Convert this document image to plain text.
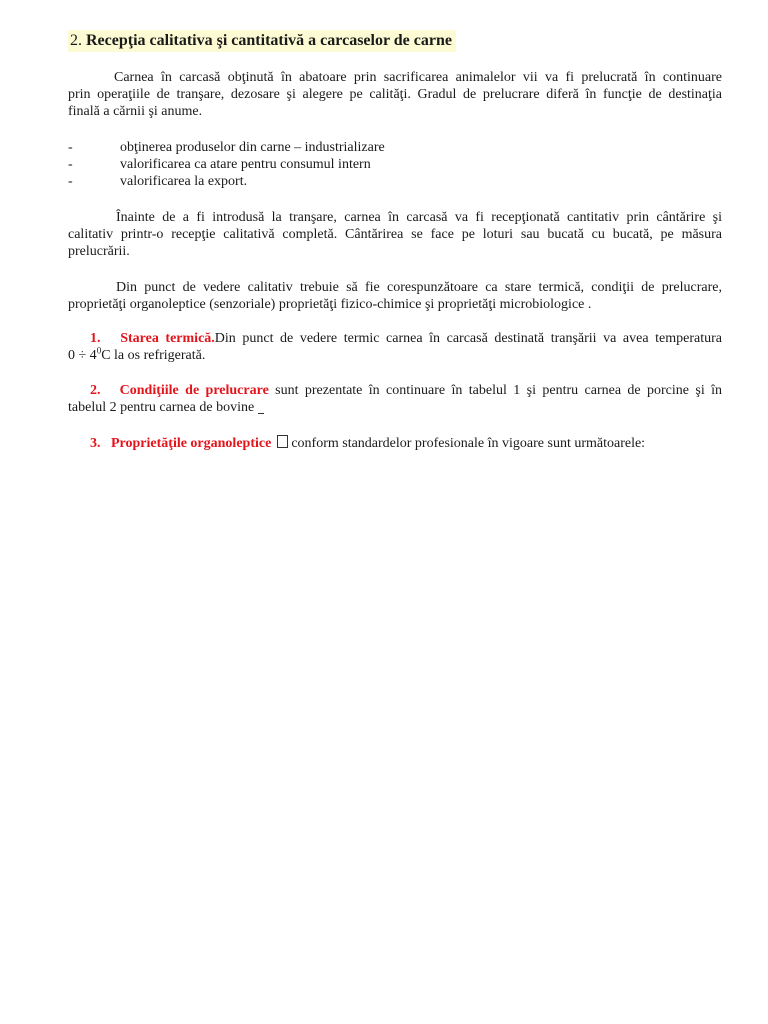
2. Recepţia calitativa şi cantitativă a carcaselor de carne
Carnea în carcasă obţinută în abatoare prin sacrificarea animalelor vii va fi prelucrată în continuare
prin operaţiile de tranşare, dezosare şi alegere pe calităţi. Gradul de prelucrare diferă în funcţie de destinaţia
finală a cărnii şi anume.
-	obţinerea produselor din carne – industrializare
-	valorificarea ca atare pentru consumul intern
-	valorificarea la export.
Înainte de a fi introdusă la tranşare, carnea în carcasă va fi recepţionată cantitativ prin cântărire şi
calitativ printr-o recepţie calitativă completă. Cântărirea se face pe loturi sau bucată cu bucată, pe măsura
prelucrării.
Din punct de vedere calitativ trebuie să fie corespunzătoare ca stare termică, condiţii de prelucrare,
proprietăţi organoleptice (senzoriale) proprietăţi fizico-chimice şi proprietăţi microbiologice .
1. Starea termică.Din punct de vedere termic carnea în carcasă destinată tranşării va avea temperatura
$0 \div 4^0C$ la os refrigerată.
2. Condiţiile de prelucrare sunt prezentate în continuare în tabelul 1 şi pentru carnea de porcine şi în
tabelul 2 pentru carnea de bovine
3. Proprietăţile organoleptice conform standardelor profesionale în vigoare sunt următoarele:
